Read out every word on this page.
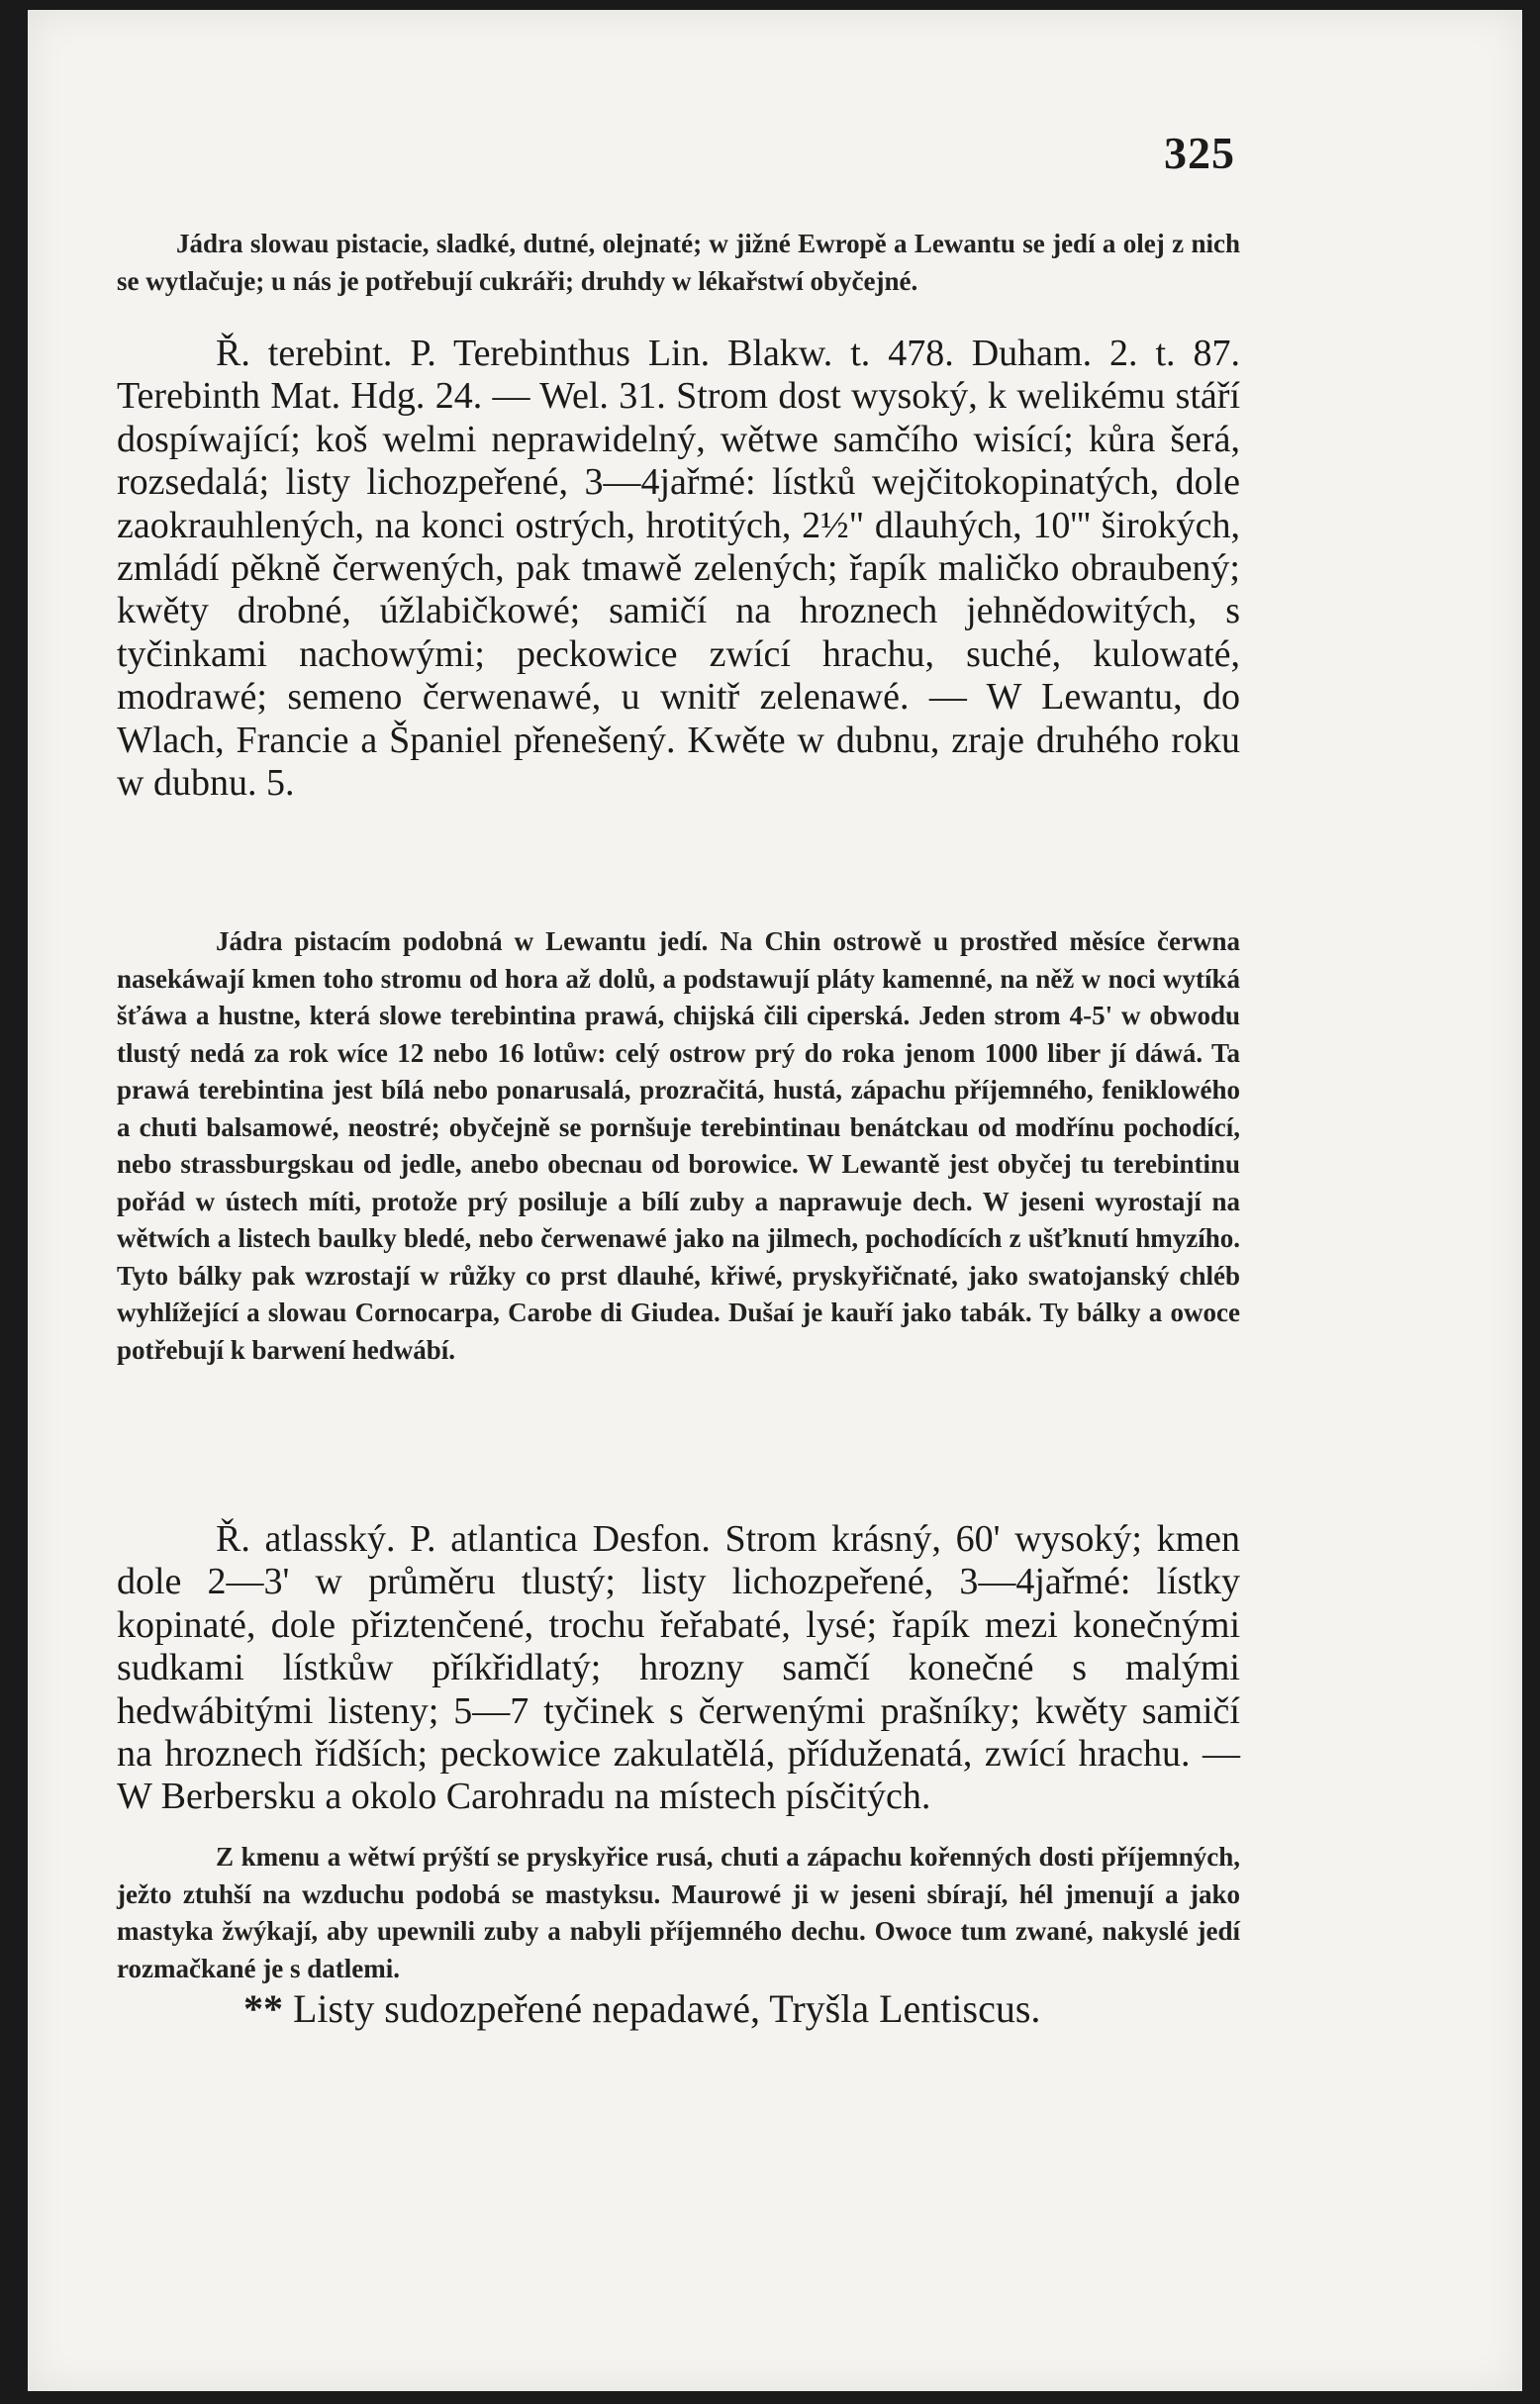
325

Jádra slowau pistacie, sladké, dutné, olejnaté; w jižné Ewropě a Lewantu se jedí a olej z nich se wytlačuje; u nás je potřebují cukráři; druhdy w lékařstwí obyčejné.

Ř. terebint. P. Terebinthus Lin. Blakw. t. 478. Duham. 2. t. 87. Terebinth Mat. Hdg. 24. — Wel. 31. Strom dost wysoký, k welikému stáří dospíwající; koš welmi neprawidelný, wětwe samčího wisící; kůra šerá, rozsedalá; listy lichozpeřené, 3—4jařmé: lístků wejčitokopinatých, dole zaokrauhlených, na konci ostrých, hrotitých, 2½" dlauhých, 10''' širokých, zmládí pěkně čerwených, pak tmawě zelených; řapík maličko obraubený; kwěty drobné, úžlabičkowé; samičí na hroznech jehnědowitých, s tyčinkami nachowými; peckowice zwící hrachu, suché, kulowaté, modrawé; semeno čerwenawé, u wnitř zelenawé. — W Lewantu, do Wlach, Francie a Španiel přenešený. Kwěte w dubnu, zraje druhého roku w dubnu. 5.

Jádra pistacím podobná w Lewantu jedí. Na Chin ostrowě u prostřed měsíce čerwna nasekáwají kmen toho stromu od hora až dolů, a podstawují pláty kamenné, na něž w noci wytíká šťáwa a hustne, která slowe terebintina prawá, chijská čili ciperská. Jeden strom 4-5' w obwodu tlustý nedá za rok wíce 12 nebo 16 lotůw: celý ostrow prý do roka jenom 1000 liber jí dáwá. Ta prawá terebintina jest bílá nebo ponarusalá, prozračitá, hustá, zápachu příjemného, feniklowého a chuti balsamowé, neostré; obyčejně se pornšuje terebintinau benátckau od modřínu pochodící, nebo strassburgskau od jedle, anebo obecnau od borowice. W Lewantě jest obyčej tu terebintinu pořád w ústech míti, protože prý posiluje a bílí zuby a naprawuje dech. W jeseni wyrostají na wětwích a listech baulky bledé, nebo čerwenawé jako na jilmech, pochodících z ušťknutí hmyzího. Tyto bálky pak wzrostají w růžky co prst dlauhé, křiwé, pryskyřičnaté, jako swatojanský chléb wyhlížející a slowau Cornocarpa, Carobe di Giudea. Dušaí je kauří jako tabák. Ty bálky a owoce potřebují k barwení hedwábí.

Ř. atlasský. P. atlantica Desfon. Strom krásný, 60' wysoký; kmen dole 2—3' w průměru tlustý; listy lichozpeřené, 3—4jařmé: lístky kopinaté, dole přiztenčené, trochu řeřabaté, lysé; řapík mezi konečnými sudkami lístkůw příkřidlatý; hrozny samčí konečné s malými hedwábitými listeny; 5—7 tyčinek s čerwenými prašníky; kwěty samičí na hroznech řídších; peckowice zakulatělá, příduženatá, zwící hrachu. — W Berbersku a okolo Carohradu na místech písčitých.

Z kmenu a wětwí prýští se pryskyřice rusá, chuti a zápachu kořenných dosti příjemných, ježto ztuhší na wzduchu podobá se mastyksu. Maurowé ji w jeseni sbírají, hél jmenují a jako mastyka žwýkají, aby upewnili zuby a nabyli příjemného dechu. Owoce tum zwané, nakyslé jedí rozmačkané je s datlemi.

** Listy sudozpeřené nepadawé, Tryšla Lentiscus.
